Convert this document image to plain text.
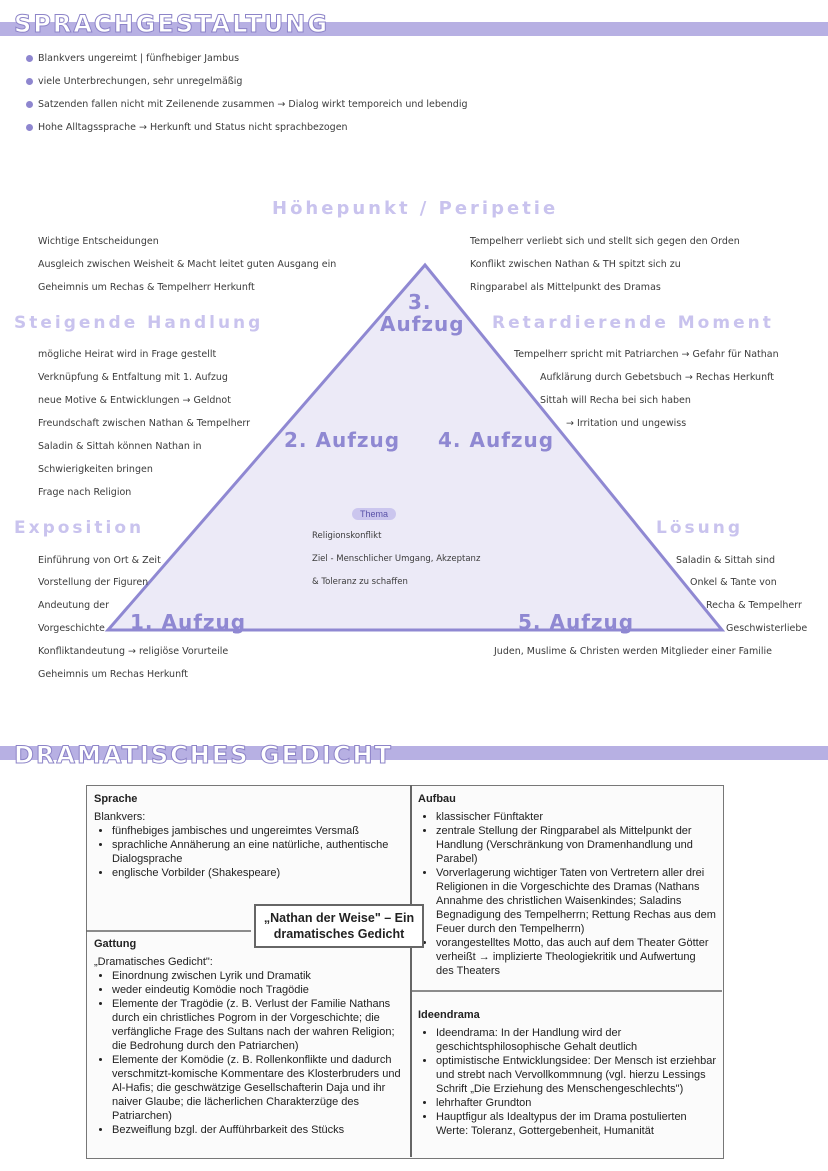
SPRACHGESTALTUNG
Blankvers ungereimt | fünfhebiger Jambus
viele Unterbrechungen, sehr unregelmäßig
Satzenden fallen nicht mit Zeilenende zusammen → Dialog wirkt temporeich und lebendig
Hohe Alltagssprache → Herkunft und Status nicht sprachbezogen
Höhepunkt / Peripetie
Wichtige Entscheidungen
Ausgleich zwischen Weisheit & Macht leitet guten Ausgang ein
Geheimnis um Rechas & Tempelherr Herkunft
Tempelherr verliebt sich und stellt sich gegen den Orden
Konflikt zwischen Nathan & TH spitzt sich zu
Ringparabel als Mittelpunkt des Dramas
Steigende Handlung
mögliche Heirat wird in Frage gestellt
Verknüpfung & Entfaltung mit 1. Aufzug
neue Motive & Entwicklungen → Geldnot
Freundschaft zwischen Nathan & Tempelherr
Saladin & Sittah können Nathan in
Schwierigkeiten bringen
Frage nach Religion
Retardierende Moment
Tempelherr spricht mit Patriarchen → Gefahr für Nathan
Aufklärung durch Gebetsbuch → Rechas Herkunft
Sittah will Recha bei sich haben
→ Irritation und ungewiss
Exposition
Einführung von Ort & Zeit
Vorstellung der Figuren
Andeutung der
Vorgeschichte
Konfliktandeutung → religiöse Vorurteile
Geheimnis um Rechas Herkunft
Lösung
Saladin & Sittah sind
Onkel & Tante von
Recha & Tempelherr
Geschwisterliebe
Juden, Muslime & Christen werden Mitglieder einer Familie
3.
Aufzug
2. Aufzug 4. Aufzug
1. Aufzug	5. Aufzug
Thema
Religionskonflikt
Ziel - Menschlicher Umgang, Akzeptanz
& Toleranz zu schaffen
DRAMATISCHES GEDICHT
Sprache
Blankvers:
• fünfhebiges jambisches und ungereimtes Versmaß
• sprachliche Annäherung an eine natürliche, authentische Dialogsprache
• englische Vorbilder (Shakespeare)
Aufbau
• klassischer Fünftakter
• zentrale Stellung der Ringparabel als Mittelpunkt der Handlung (Verschränkung von Dramenhandlung und Parabel)
• Vorverlagerung wichtiger Taten von Vertretern aller drei Religionen in die Vorgeschichte des Dramas (Nathans Annahme des christlichen Waisenkindes; Saladins Begnadigung des Tempelherrn; Rettung Rechas aus dem Feuer durch den Tempelherrn)
• vorangestelltes Motto, das auch auf dem Theater Götter verheißt → implizierte Theologiekritik und Aufwertung des Theaters
„Nathan der Weise" – Ein dramatisches Gedicht
Gattung
„Dramatisches Gedicht":
• Einordnung zwischen Lyrik und Dramatik
• weder eindeutig Komödie noch Tragödie
• Elemente der Tragödie (z. B. Verlust der Familie Nathans durch ein christliches Pogrom in der Vorgeschichte; die verfängliche Frage des Sultans nach der wahren Religion; die Bedrohung durch den Patriarchen)
• Elemente der Komödie (z. B. Rollenkonflikte und dadurch verschmitzt-komische Kommentare des Klosterbruders und Al-Hafis; die geschwätzige Gesellschafterin Daja und ihr naiver Glaube; die lächerlichen Charakterzüge des Patriarchen)
• Bezweiflung bzgl. der Aufführbarkeit des Stücks
Ideendrama
• Ideendrama: In der Handlung wird der geschichtsphilosophische Gehalt deutlich
• optimistische Entwicklungsidee: Der Mensch ist erziehbar und strebt nach Vervollkommnung (vgl. hierzu Lessings Schrift „Die Erziehung des Menschengeschlechts")
• lehrhafter Grundton
• Hauptfigur als Idealtypus der im Drama postulierten Werte: Toleranz, Gottergebenheit, Humanität
